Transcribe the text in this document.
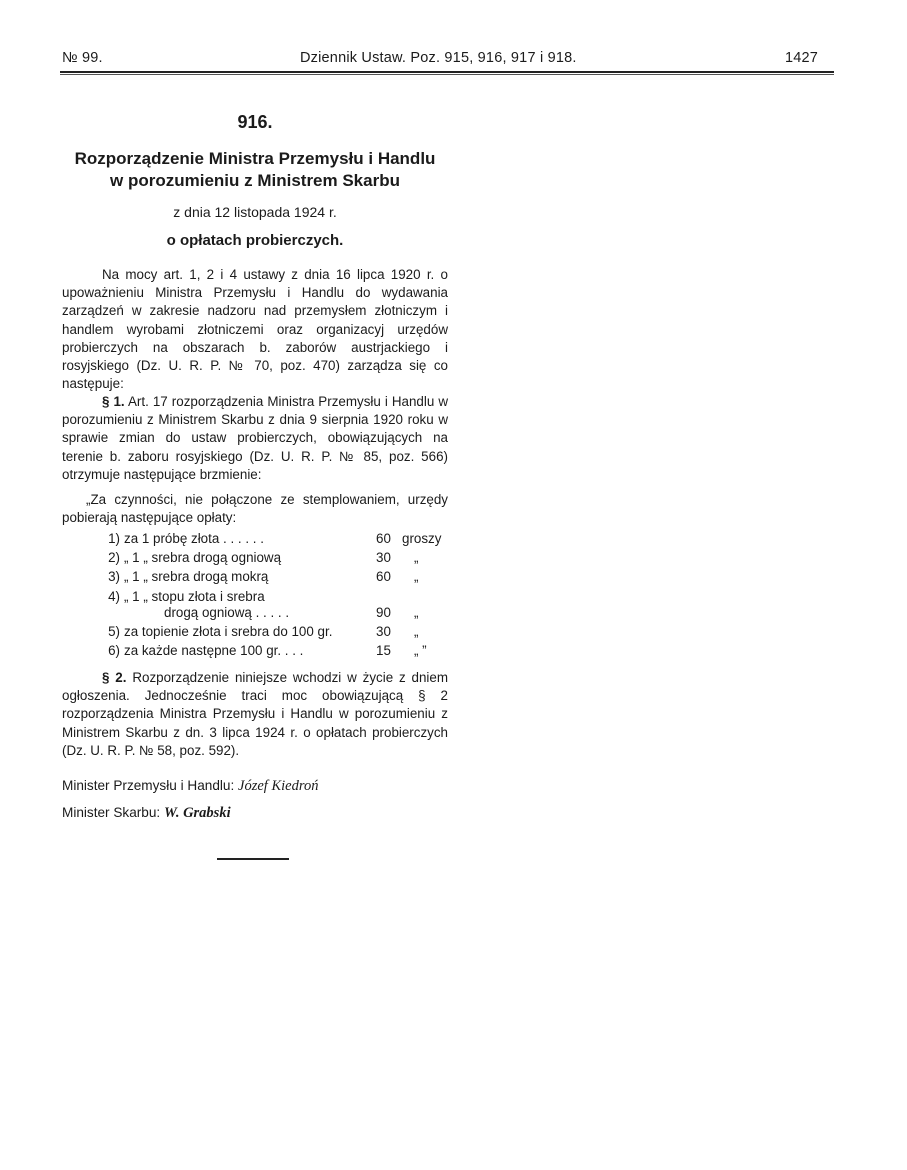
№ 99.	Dziennik Ustaw. Poz. 915, 916, 917 i 918.	1427
916.
Rozporządzenie Ministra Przemysłu i Handlu
w porozumieniu z Ministrem Skarbu
z dnia 12 listopada 1924 r.
o opłatach probierczych.
Na mocy art. 1, 2 i 4 ustawy z dnia 16 lipca 1920 r. o upoważnieniu Ministra Przemysłu i Handlu do wydawania zarządzeń w zakresie nadzoru nad przemysłem złotniczym i handlem wyrobami złotniczemi oraz organizacyj urzędów probierczych na obszarach b. zaborów austrjackiego i rosyjskiego (Dz. U. R. P. № 70, poz. 470) zarządza się co następuje:
§ 1. Art. 17 rozporządzenia Ministra Przemysłu i Handlu w porozumieniu z Ministrem Skarbu z dnia 9 sierpnia 1920 roku w sprawie zmian do ustaw probierczych, obowiązujących na terenie b. zaboru rosyjskiego (Dz. U. R. P. № 85, poz. 566) otrzymuje następujące brzmienie:
„Za czynności, nie połączone ze stemplowaniem, urzędy pobierają następujące opłaty:
1) za 1 próbę złota . . . . . .	60 groszy
2) „ 1 „ srebra drogą ogniową	30	„
3) „ 1 „ srebra drogą mokrą	60	„
4) „ 1 „ stopu złota i srebra
drogą ogniową . . . . .	90	„
5) za topienie złota i srebra do 100 gr.	30	„
6) za każde następne 100 gr. . . .	15	„ ”
§ 2. Rozporządzenie niniejsze wchodzi w życie z dniem ogłoszenia. Jednocześnie traci moc obowiązującą § 2 rozporządzenia Ministra Przemysłu i Handlu w porozumieniu z Ministrem Skarbu z dn. 3 lipca 1924 r. o opłatach probierczych (Dz. U. R. P. № 58, poz. 592).
Minister Przemysłu i Handlu: Józef Kiedroń
Minister Skarbu: W. Grabski
